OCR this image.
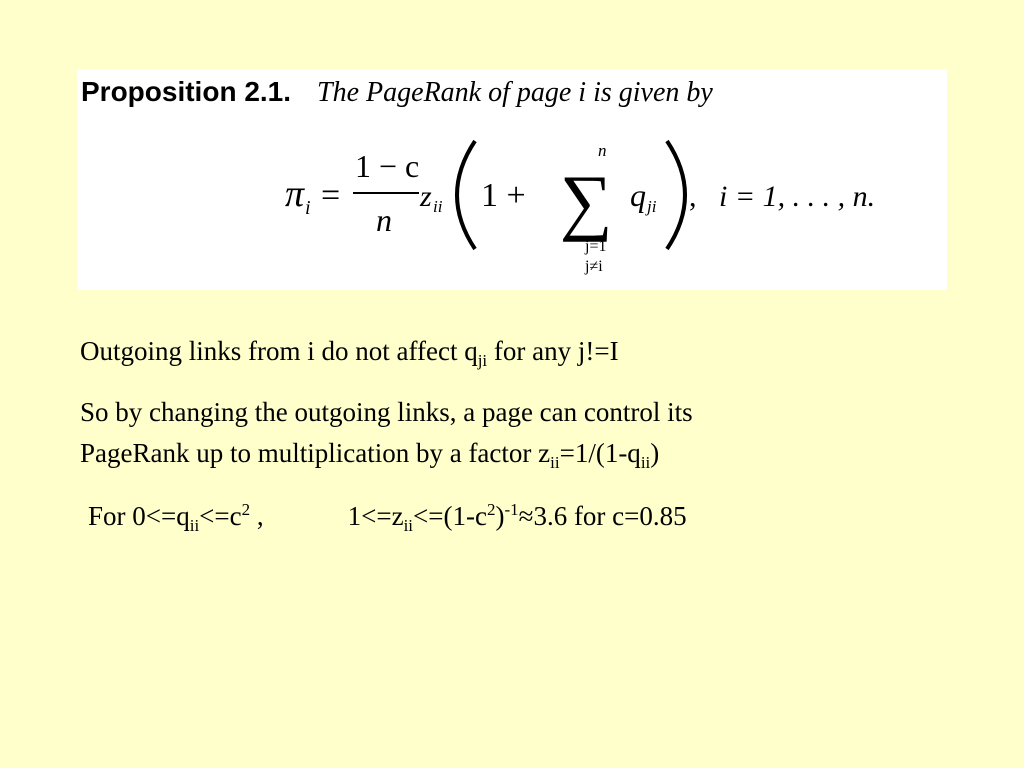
Proposition 2.1. The PageRank of page i is given by
π i =
1 − c
n
z ii 1 + ∑
n
j=1
j≠i
q ji , i = 1, . . . , n.

Outgoing links from i do not affect $q_{ji}$ for any j!=I

So by changing the outgoing links, a page can control its

PageRank up to multiplication by a factor $z_{ii}=1/(1-q_{ii})$

For $0<=q_{ii}<=c^2$ ,	$1<=z_{ii}<=(1-c^2)^{-1}\approx 3.6$ for c=0.85
